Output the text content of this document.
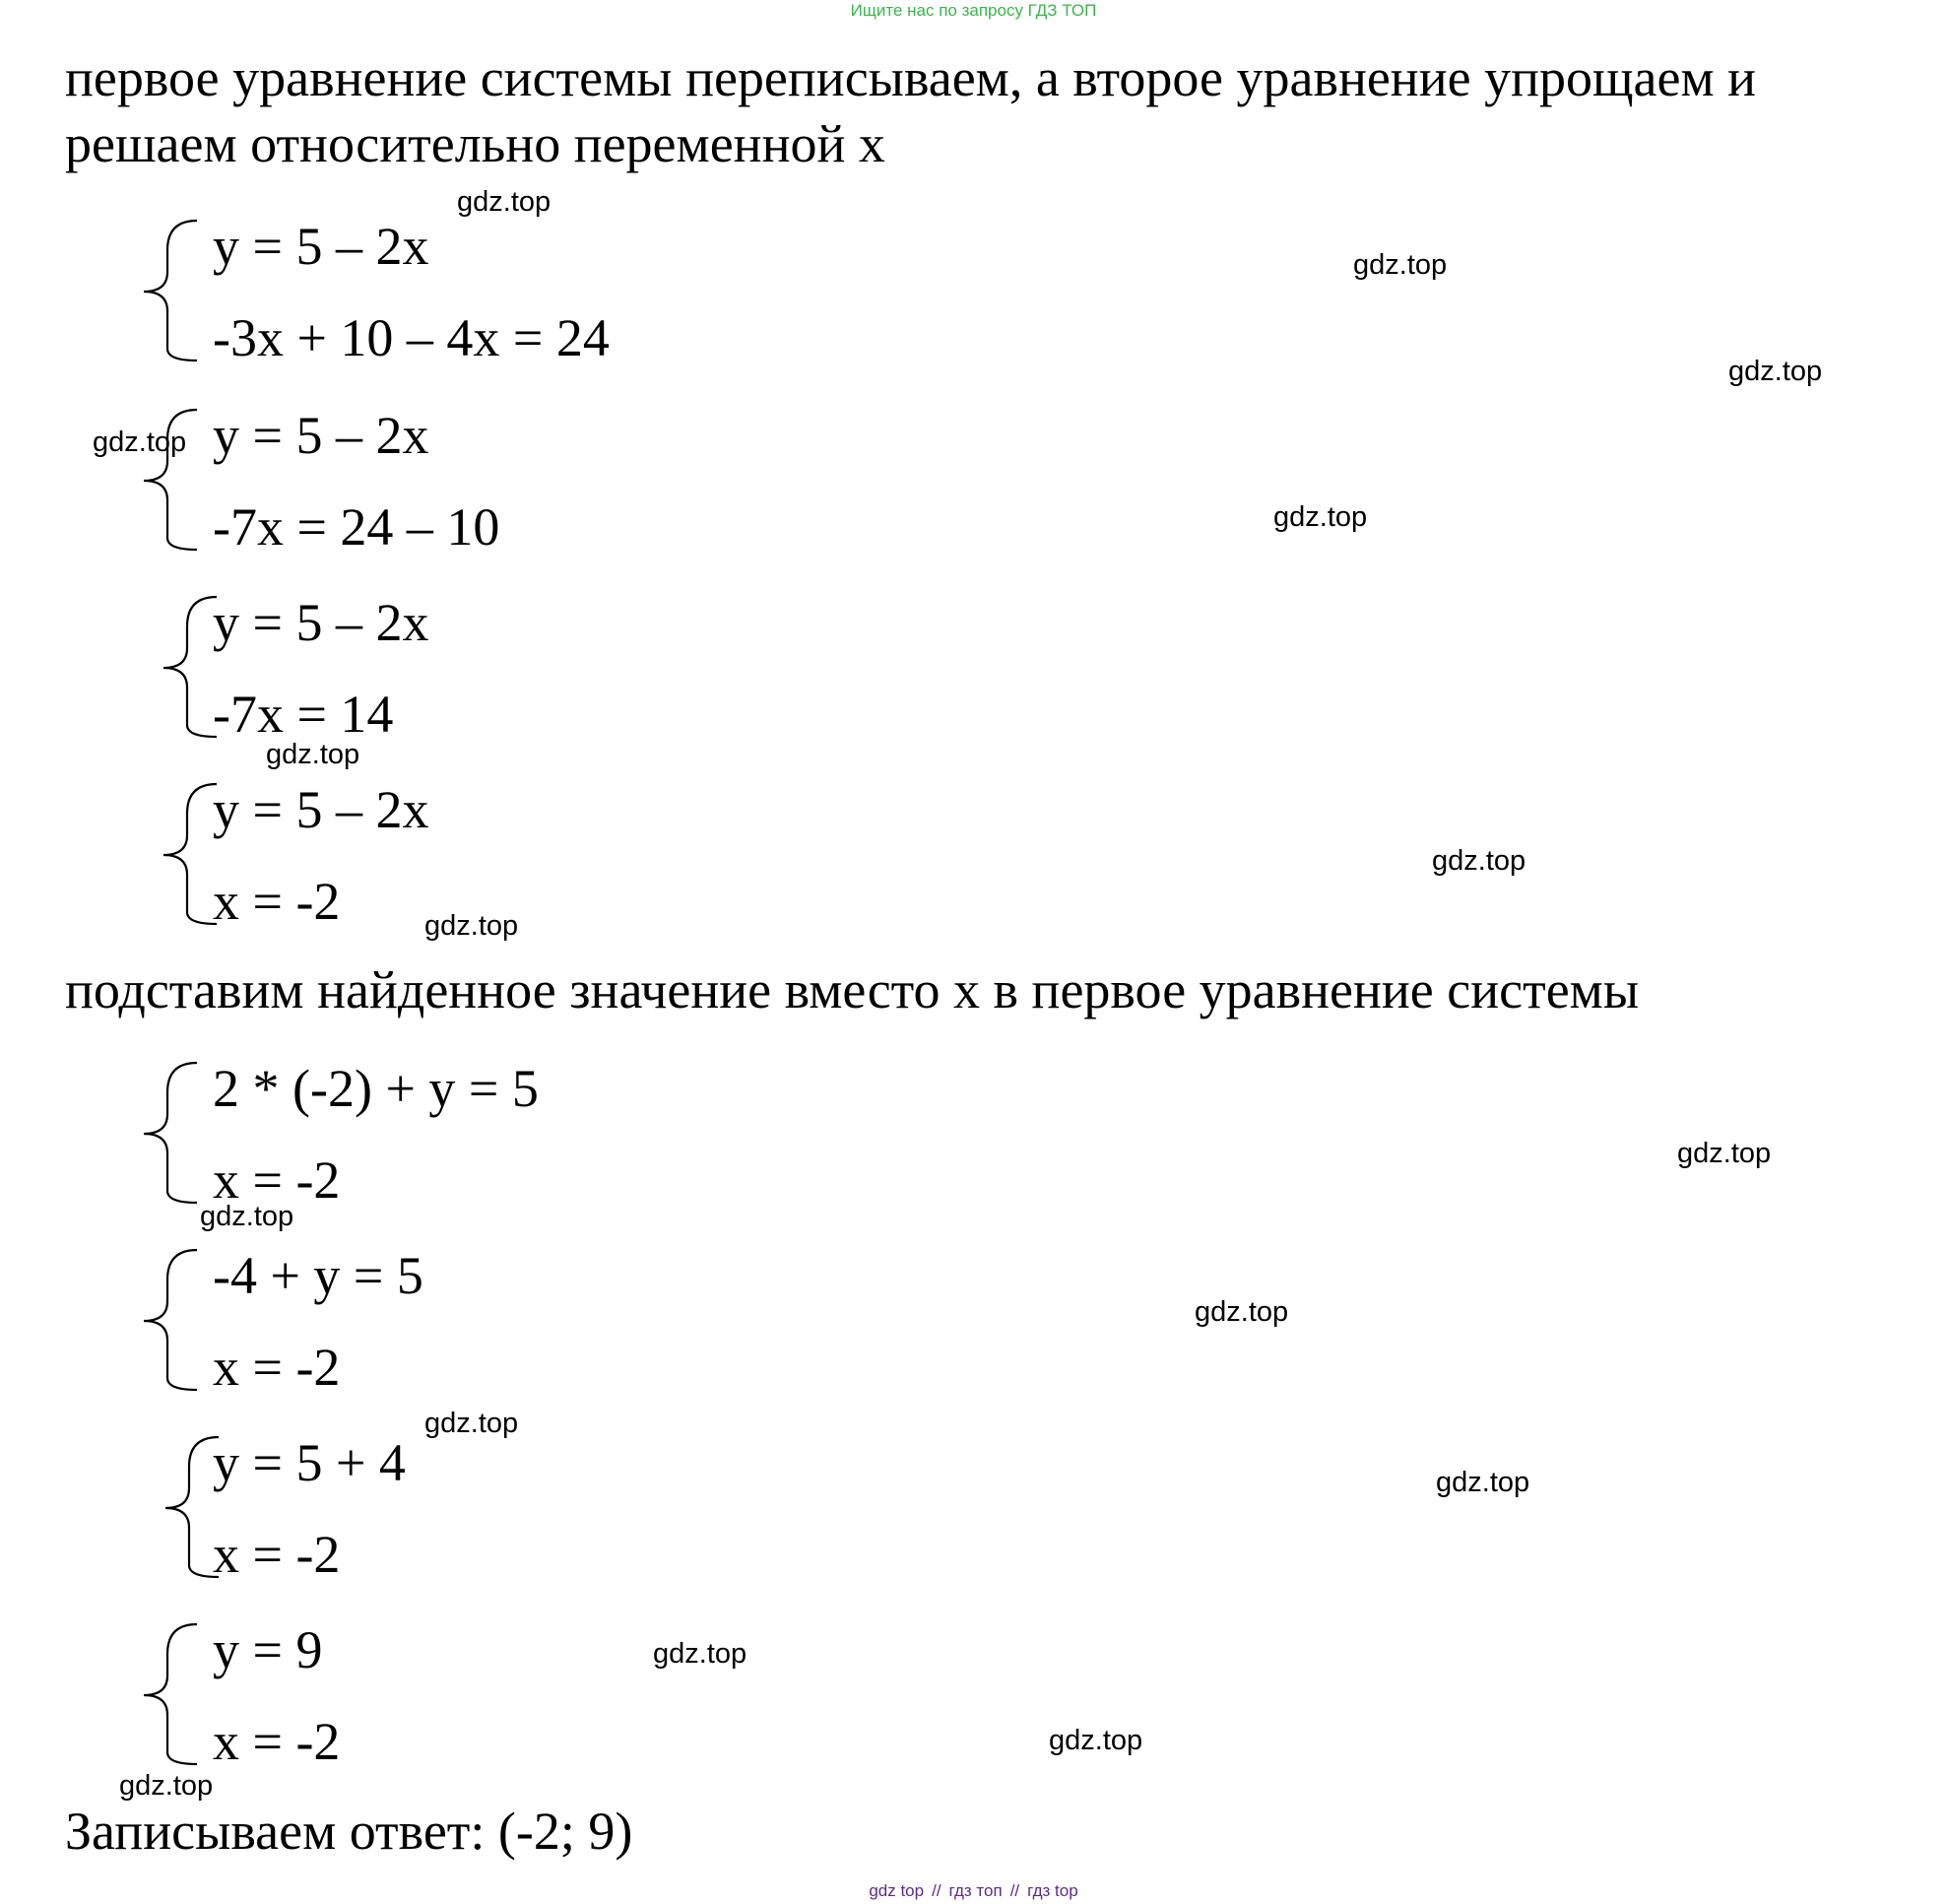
Ищите нас по запросу ГДЗ ТОП

первое уравнение системы переписываем, а второе уравнение упрощаем и

решаем относительно переменной x

y = 5 – 2x

-3x + 10 – 4x = 24

y = 5 – 2x

-7x = 24 – 10

y = 5 – 2x

-7x = 14

y = 5 – 2x

x = -2

подставим найденное значение вместо x в первое уравнение системы

2 * (-2) + y = 5

x = -2

-4 + y = 5

x = -2

y = 5 + 4

x = -2

y = 9

x = -2

Записываем ответ: (-2; 9)

gdz.top
gdz.top
gdz.top
gdz.top
gdz.top
gdz.top
gdz.top
gdz.top
gdz.top
gdz.top
gdz.top
gdz.top
gdz.top
gdz.top
gdz.top
gdz.top
gdz top // гдз топ // гдз top
